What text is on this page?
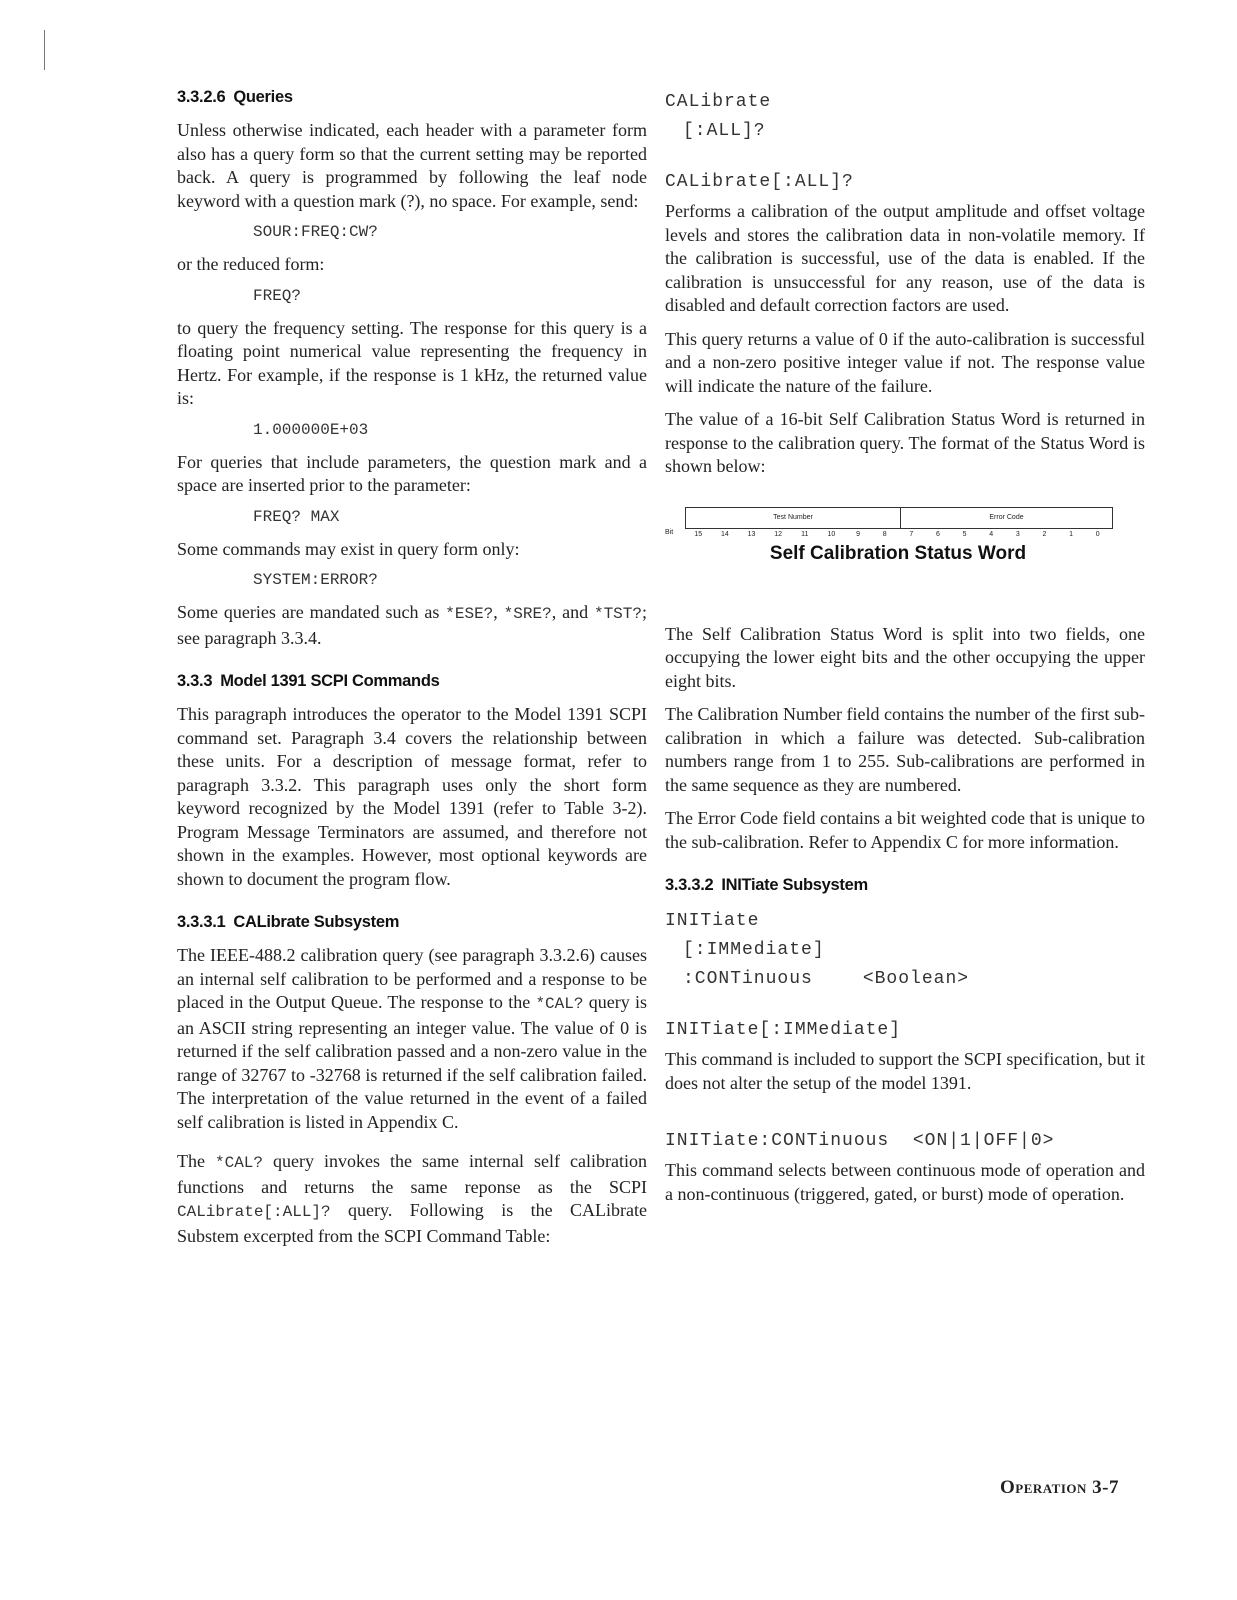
3.3.2.6 Queries

Unless otherwise indicated, each header with a parameter form also has a query form so that the current setting may be reported back. A query is programmed by following the leaf node keyword with a question mark (?), no space. For example, send:

SOUR:FREQ:CW?

or the reduced form:

FREQ?

to query the frequency setting. The response for this query is a floating point numerical value representing the frequency in Hertz. For example, if the response is 1 kHz, the returned value is:

1.000000E+03

For queries that include parameters, the question mark and a space are inserted prior to the parameter:

FREQ? MAX

Some commands may exist in query form only:

SYSTEM:ERROR?

Some queries are mandated such as *ESE?, *SRE?, and *TST?; see paragraph 3.3.4.

3.3.3 Model 1391 SCPI Commands

This paragraph introduces the operator to the Model 1391 SCPI command set. Paragraph 3.4 covers the relationship between these units. For a description of message format, refer to paragraph 3.3.2. This paragraph uses only the short form keyword recognized by the Model 1391 (refer to Table 3-2). Program Message Terminators are assumed, and therefore not shown in the examples. However, most optional keywords are shown to document the program flow.

3.3.3.1 CALibrate Subsystem

The IEEE-488.2 calibration query (see paragraph 3.3.2.6) causes an internal self calibration to be performed and a response to be placed in the Output Queue. The response to the *CAL? query is an ASCII string representing an integer value. The value of 0 is returned if the self calibration passed and a non-zero value in the range of 32767 to -32768 is returned if the self calibration failed. The interpretation of the value returned in the event of a failed self calibration is listed in Appendix C.

The *CAL? query invokes the same internal self calibration functions and returns the same reponse as the SCPI CALibrate[:ALL]? query. Following is the CALibrate Substem excerpted from the SCPI Command Table:

CALibrate
[:ALL]?
CALibrate[:ALL]?

Performs a calibration of the output amplitude and offset voltage levels and stores the calibration data in non-volatile memory. If the calibration is successful, use of the data is enabled. If the calibration is unsuccessful for any reason, use of the data is disabled and default correction factors are used.

This query returns a value of 0 if the auto-calibration is successful and a non-zero positive integer value if not. The response value will indicate the nature of the failure.

The value of a 16-bit Self Calibration Status Word is returned in response to the calibration query. The format of the Status Word is shown below:

Test Number	Error Code
Bit	15	14	13	12	11	10	9	8	7	6	5	4	3	2	1	0
Self Calibration Status Word

The Self Calibration Status Word is split into two fields, one occupying the lower eight bits and the other occupying the upper eight bits.

The Calibration Number field contains the number of the first sub-calibration in which a failure was detected. Sub-calibration numbers range from 1 to 255. Sub-calibrations are performed in the same sequence as they are numbered.

The Error Code field contains a bit weighted code that is unique to the sub-calibration. Refer to Appendix C for more information.

3.3.3.2 INITiate Subsystem
INITiate
[:IMMediate]
:CONTinuous	<Boolean>
INITiate[:IMMediate]

This command is included to support the SCPI specification, but it does not alter the setup of the model 1391.

INITiate:CONTinuous <ON|1|OFF|0>

This command selects between continuous mode of operation and a non-continuous (triggered, gated, or burst) mode of operation.

Operation 3-7
